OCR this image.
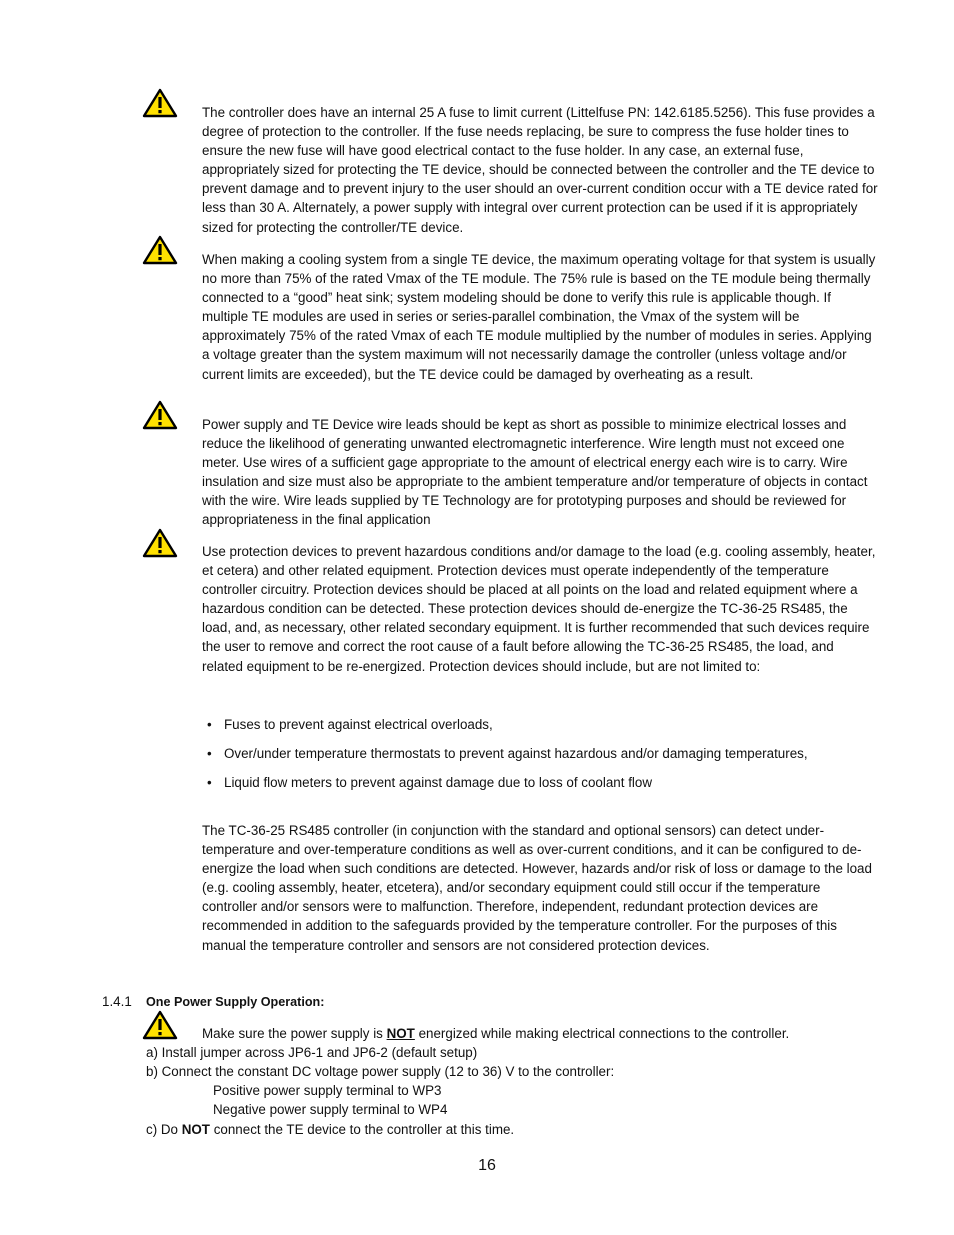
The controller does have an internal 25 A fuse to limit current (Littelfuse PN: 142.6185.5256). This fuse provides a degree of protection to the controller. If the fuse needs replacing, be sure to compress the fuse holder tines to ensure the new fuse will have good electrical contact to the fuse holder. In any case, an external fuse, appropriately sized for protecting the TE device, should be connected between the controller and the TE device to prevent damage and to prevent injury to the user should an over-current condition occur with a TE device rated for less than 30 A. Alternately, a power supply with integral over current protection can be used if it is appropriately sized for protecting the controller/TE device.

When making a cooling system from a single TE device, the maximum operating voltage for that system is usually no more than 75% of the rated Vmax of the TE module. The 75% rule is based on the TE module being thermally connected to a “good” heat sink; system modeling should be done to verify this rule is applicable though. If multiple TE modules are used in series or series-parallel combination, the Vmax of the system will be approximately 75% of the rated Vmax of each TE module multiplied by the number of modules in series. Applying a voltage greater than the system maximum will not necessarily damage the controller (unless voltage and/or current limits are exceeded), but the TE device could be damaged by overheating as a result.

Power supply and TE Device wire leads should be kept as short as possible to minimize electrical losses and reduce the likelihood of generating unwanted electromagnetic interference. Wire length must not exceed one meter. Use wires of a sufficient gage appropriate to the amount of electrical energy each wire is to carry. Wire insulation and size must also be appropriate to the ambient temperature and/or temperature of objects in contact with the wire. Wire leads supplied by TE Technology are for prototyping purposes and should be reviewed for appropriateness in the final application

Use protection devices to prevent hazardous conditions and/or damage to the load (e.g. cooling assembly, heater, et cetera) and other related equipment. Protection devices must operate independently of the temperature controller circuitry. Protection devices should be placed at all points on the load and related equipment where a hazardous condition can be detected. These protection devices should de-energize the TC-36-25 RS485, the load, and, as necessary, other related secondary equipment. It is further recommended that such devices require the user to remove and correct the root cause of a fault before allowing the TC-36-25 RS485, the load, and related equipment to be re-energized. Protection devices should include, but are not limited to:

• Fuses to prevent against electrical overloads,
• Over/under temperature thermostats to prevent against hazardous and/or damaging temperatures,
• Liquid flow meters to prevent against damage due to loss of coolant flow

The TC-36-25 RS485 controller (in conjunction with the standard and optional sensors) can detect under-temperature and over-temperature conditions as well as over-current conditions, and it can be configured to de-energize the load when such conditions are detected. However, hazards and/or risk of loss or damage to the load (e.g. cooling assembly, heater, etcetera), and/or secondary equipment could still occur if the temperature controller and/or sensors were to malfunction. Therefore, independent, redundant protection devices are recommended in addition to the safeguards provided by the temperature controller. For the purposes of this manual the temperature controller and sensors are not considered protection devices.

1.4.1 One Power Supply Operation:
Make sure the power supply is NOT energized while making electrical connections to the controller.
a) Install jumper across JP6-1 and JP6-2 (default setup)
b) Connect the constant DC voltage power supply (12 to 36) V to the controller:
Positive power supply terminal to WP3
Negative power supply terminal to WP4
c) Do NOT connect the TE device to the controller at this time.
16
